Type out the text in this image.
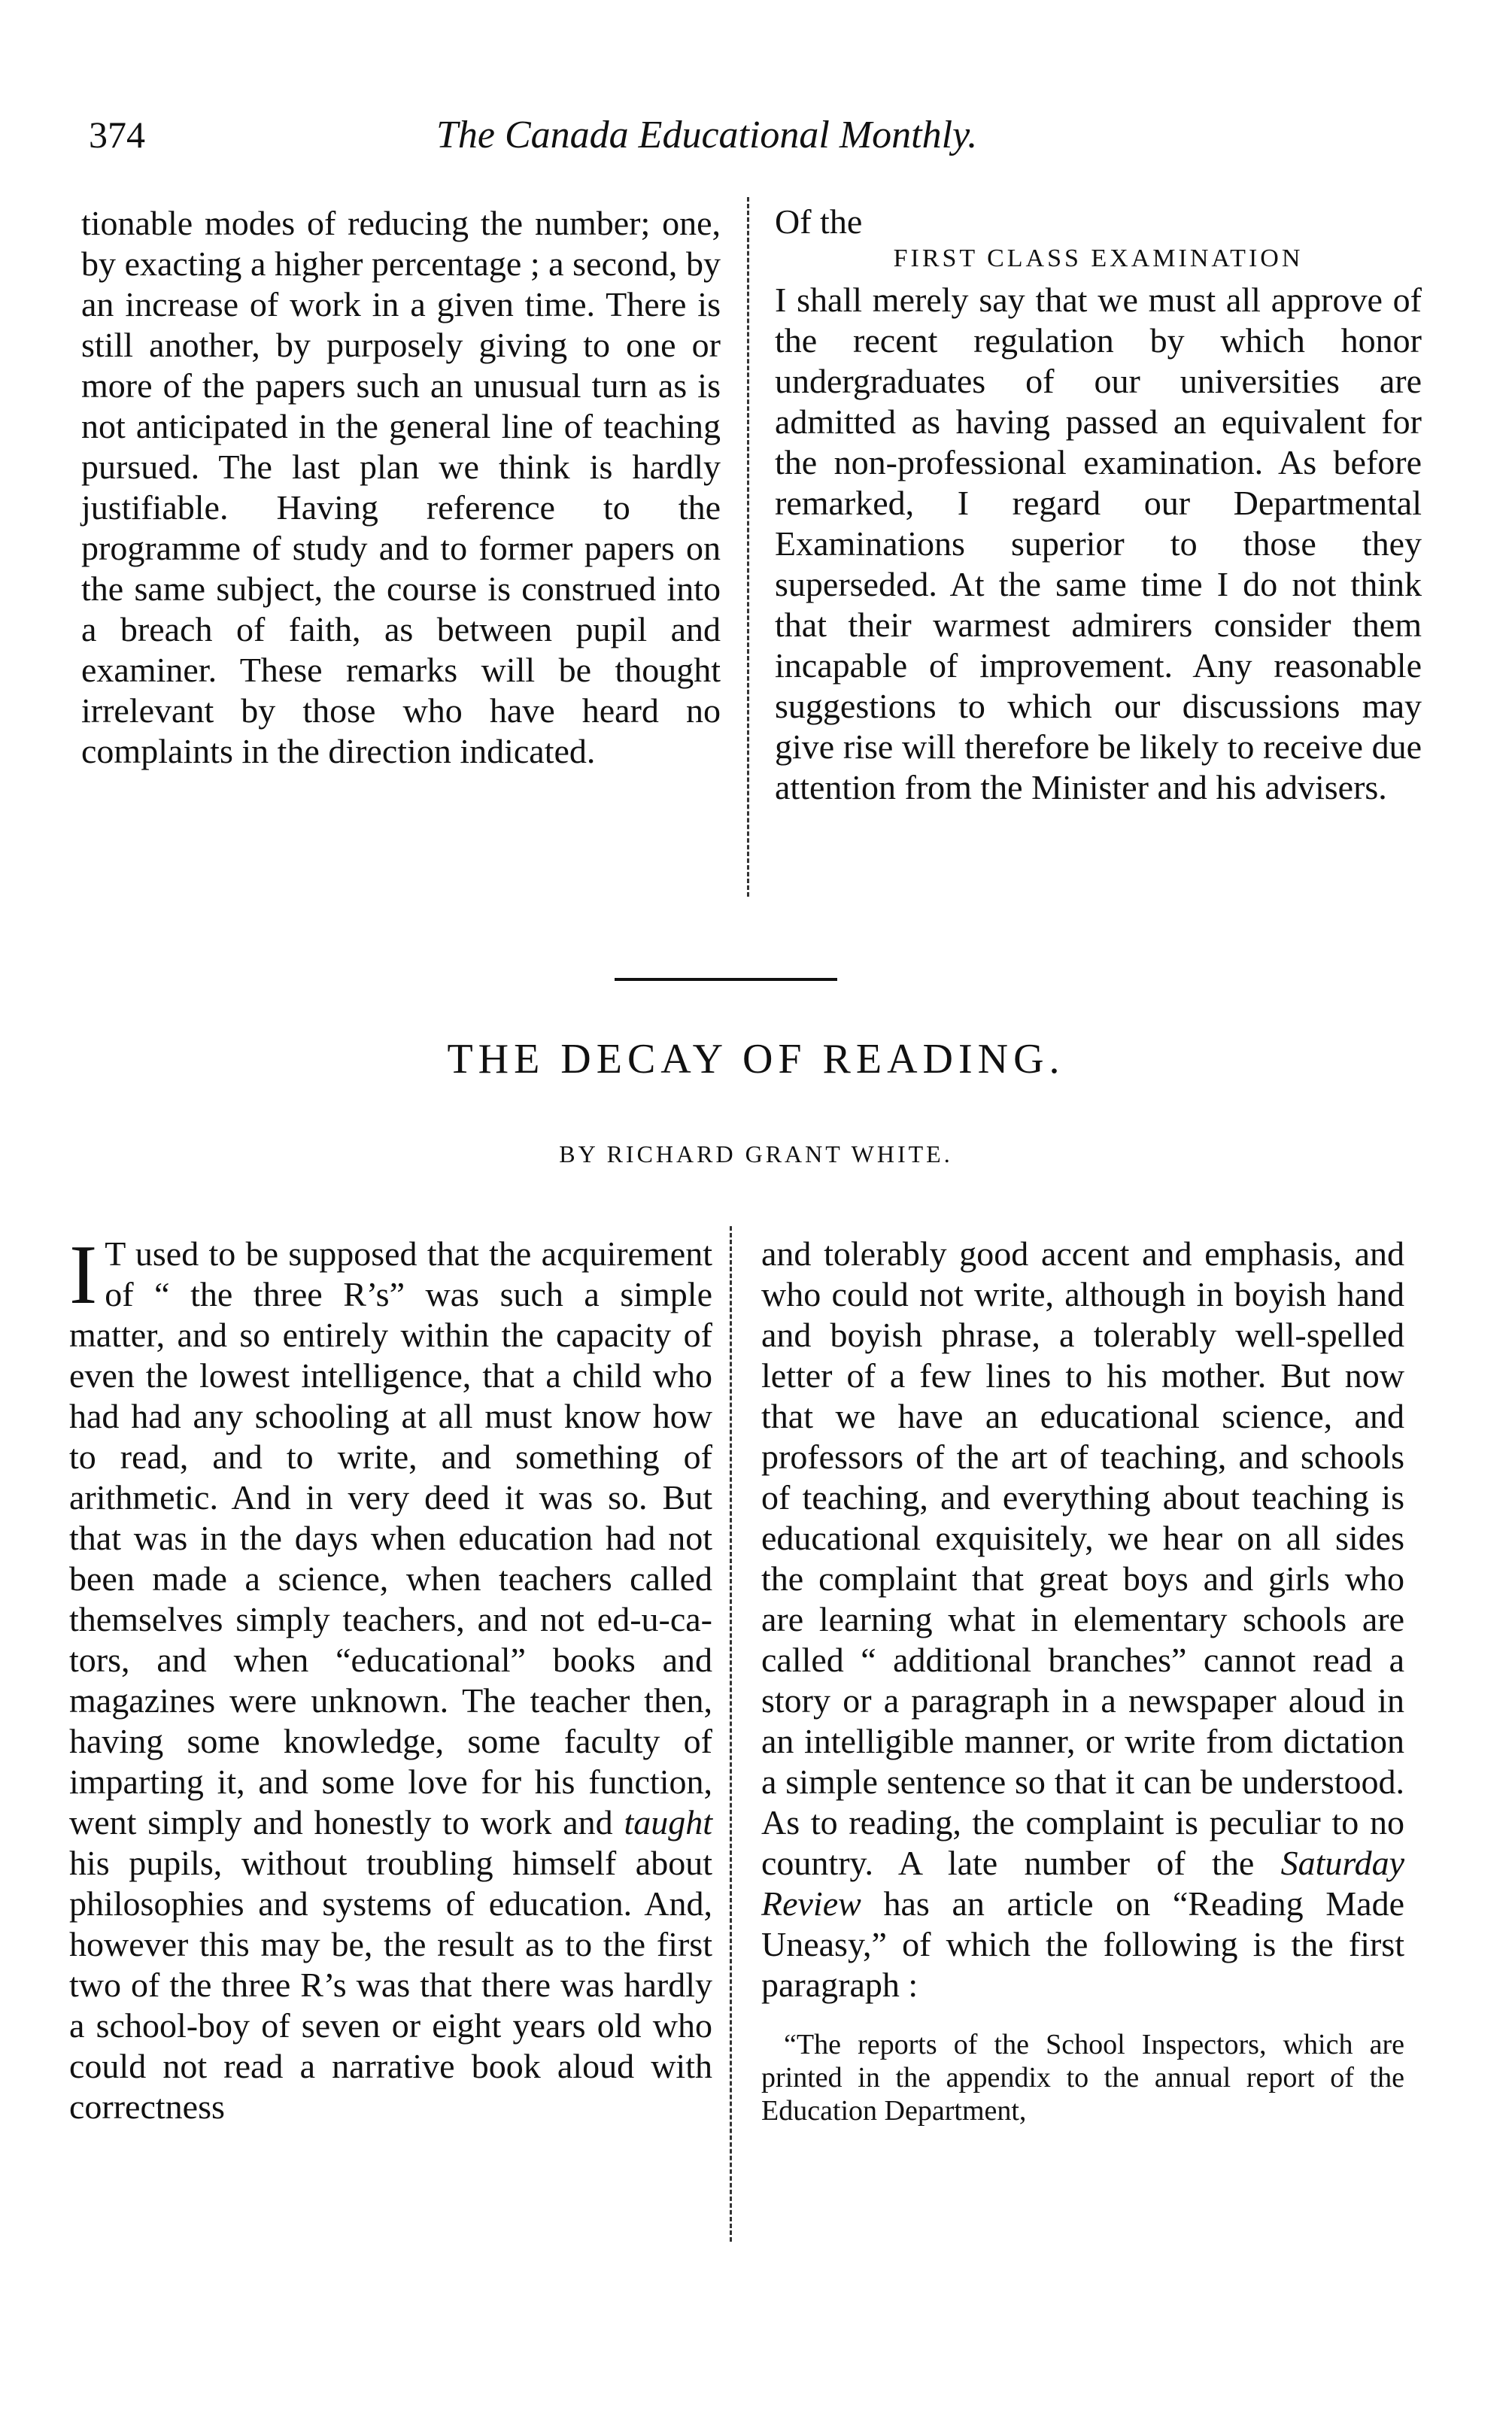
374	The Canada Educational Monthly.

tionable modes of reducing the number; one, by exacting a higher percentage ; a second, by an increase of work in a given time. There is still another, by purposely giving to one or more of the papers such an unusual turn as is not anticipated in the general line of teaching pursued. The last plan we think is hardly justifiable. Having reference to the programme of study and to former papers on the same subject, the course is construed into a breach of faith, as between pupil and examiner. These remarks will be thought irrelevant by those who have heard no complaints in the direction indicated.

Of the

FIRST CLASS EXAMINATION

I shall merely say that we must all approve of the recent regulation by which honor undergraduates of our universities are admitted as having passed an equivalent for the non-professional examination. As before remarked, I regard our Departmental Examinations superior to those they superseded. At the same time I do not think that their warmest admirers consider them incapable of improvement. Any reasonable suggestions to which our discussions may give rise will therefore be likely to receive due attention from the Minister and his advisers.

THE DECAY OF READING.
BY RICHARD GRANT WHITE.
I T used to be supposed that the acquirement of “ the three R’s” was such a simple matter, and so entirely within the capacity of even the lowest intelligence, that a child who had had any schooling at all must know how to read, and to write, and something of arithmetic. And in very deed it was so. But that was in the days when education had not been made a science, when teachers called themselves simply teachers, and not ed-u-ca-tors, and when “educational” books and magazines were unknown. The teacher then, having some knowledge, some faculty of imparting it, and some love for his function, went simply and honestly to work and taught his pupils, without troubling himself about philosophies and systems of education. And, however this may be, the result as to the first two of the three R’s was that there was hardly a school-boy of seven or eight years old who could not read a narrative book aloud with correctness

and tolerably good accent and emphasis, and who could not write, although in boyish hand and boyish phrase, a tolerably well-spelled letter of a few lines to his mother. But now that we have an educational science, and professors of the art of teaching, and schools of teaching, and everything about teaching is educational exquisitely, we hear on all sides the complaint that great boys and girls who are learning what in elementary schools are called “ additional branches” cannot read a story or a paragraph in a newspaper aloud in an intelligible manner, or write from dictation a simple sentence so that it can be understood. As to reading, the complaint is peculiar to no country. A late number of the Saturday Review has an article on “Reading Made Uneasy,” of which the following is the first paragraph :

“The reports of the School Inspectors, which are printed in the appendix to the annual report of the Education Department,
